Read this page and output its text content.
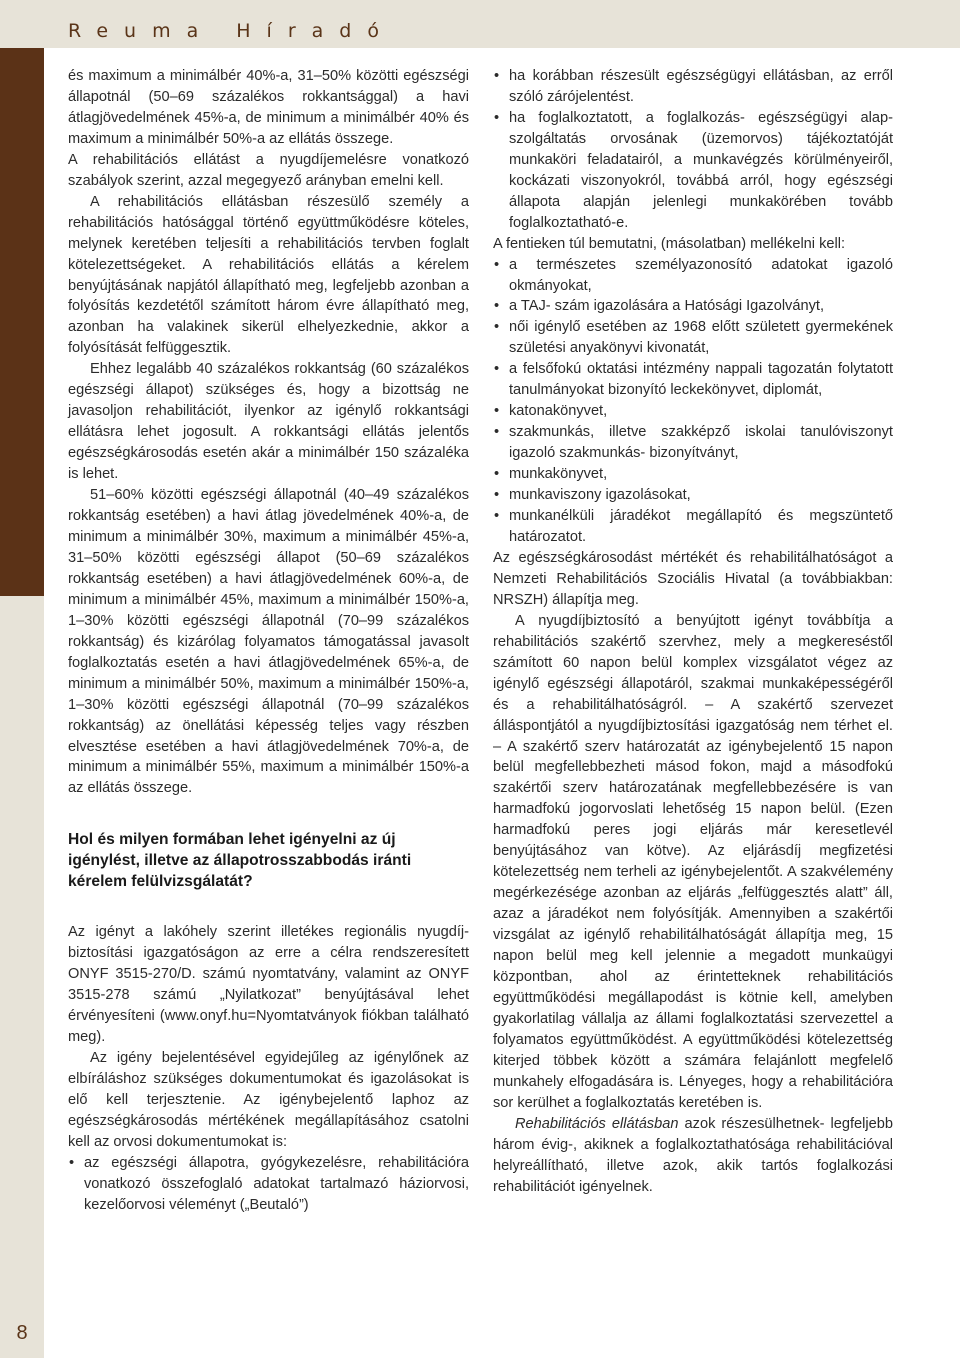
Reuma Híradó
8

és maximum a minimálbér 40%-a, 31–50% közötti egészségi állapotnál (50–69 százalékos rokkantsággal) a havi átlagjövedelmének 45%-a, de minimum a minimálbér 40% és maximum a minimálbér 50%-a az ellátás összege.

A rehabilitációs ellátást a nyugdíjemelésre vonatkozó szabályok szerint, azzal megegyező arányban emelni kell.

A rehabilitációs ellátásban részesülő személy a rehabilitációs hatósággal történő együttműködésre köteles, melynek keretében teljesíti a rehabilitációs tervben foglalt kötelezettségeket. A rehabilitációs ellátás a kérelem benyújtásának napjától állapítható meg, legfeljebb azonban a folyósítás kezdetétől számított három évre állapítható meg, azonban ha valakinek sikerül elhelyezkednie, akkor a folyósítását felfüggesztik.

Ehhez legalább 40 százalékos rokkantság (60 százalékos egészségi állapot) szükséges és, hogy a bizottság ne javasoljon rehabilitációt, ilyenkor az igénylő rokkantsági ellátásra lehet jogosult. A rokkantsági ellátás jelentős egészségkárosodás esetén akár a minimálbér 150 százaléka is lehet.

51–60% közötti egészségi állapotnál (40–49 százalékos rokkantság esetében) a havi átlag jövedelmének 40%-a, de minimum a minimálbér 30%, maximum a minimálbér 45%-a, 31–50% közötti egészségi állapot (50–69 százalékos rokkantság esetében) a havi átlagjövedelmének 60%-a, de minimum a minimálbér 45%, maximum a minimálbér 150%-a, 1–30% közötti egészségi állapotnál (70–99 százalékos rokkantság) és kizárólag folyamatos támogatással javasolt foglalkoztatás esetén a havi átlagjövedelmének 65%-a, de minimum a minimálbér 50%, maximum a minimálbér 150%-a, 1–30% közötti egészségi állapotnál (70–99 százalékos rokkantság) az önellátási képesség teljes vagy részben elvesztése esetében a havi átlagjövedelmének 70%-a, de minimum a minimálbér 55%, maximum a minimálbér 150%-a az ellátás összege.

Hol és milyen formában lehet igényelni az új igénylést, illetve az állapotrosszabbodás iránti kérelem felülvizsgálatát?

Az igényt a lakóhely szerint illetékes regionális nyugdíjbiztosítási igazgatóságon az erre a célra rendszeresített ONYF 3515-270/D. számú nyomtatvány, valamint az ONYF 3515-278 számú „Nyilatkozat” benyújtásával lehet érvényesíteni (www.onyf.hu=Nyomtatványok fiókban található meg).

Az igény bejelentésével egyidejűleg az igénylőnek az elbíráláshoz szükséges dokumentumokat és igazolásokat is elő kell terjesztenie. Az igénybejelentő laphoz az egészségkárosodás mértékének megállapításához csatolni kell az orvosi dokumentumokat is:

• az egészségi állapotra, gyógykezelésre, rehabilitációra vonatkozó összefoglaló adatokat tartalmazó háziorvosi, kezelőorvosi véleményt („Beutaló”)
• ha korábban részesült egészségügyi ellátásban, az erről szóló zárójelentést.
• ha foglalkoztatott, a foglalkozás- egészségügyi alapszolgáltatás orvosának (üzemorvos) tájékoztatóját munkaköri feladatairól, a munkavégzés körülményeiről, kockázati viszonyokról, továbbá arról, hogy egészségi állapota alapján jelenlegi munkakörében tovább foglalkoztatható-e.

A fentieken túl bemutatni, (másolatban) mellékelni kell:

• a természetes személyazonosító adatokat igazoló okmányokat,
• a TAJ- szám igazolására a Hatósági Igazolványt,
• női igénylő esetében az 1968 előtt született gyermekének születési anyakönyvi kivonatát,
• a felsőfokú oktatási intézmény nappali tagozatán folytatott tanulmányokat bizonyító leckekönyvet, diplomát,
• katonakönyvet,
• szakmunkás, illetve szakképző iskolai tanulóviszonyt igazoló szakmunkás- bizonyítványt,
• munkakönyvet,
• munkaviszony igazolásokat,
• munkanélküli járadékot megállapító és megszüntető határozatot.

Az egészségkárosodást mértékét és rehabilitálhatóságot a Nemzeti Rehabilitációs Szociális Hivatal (a továbbiakban: NRSZH) állapítja meg.

A nyugdíjbiztosító a benyújtott igényt továbbítja a rehabilitációs szakértő szervhez, mely a megkereséstől számított 60 napon belül komplex vizsgálatot végez az igénylő egészségi állapotáról, szakmai munkaképességéről és a rehabilitálhatóságról. – A szakértő szervezet álláspontjától a nyugdíjbiztosítási igazgatóság nem térhet el. – A szakértő szerv határozatát az igénybejelentő 15 napon belül megfellebbezheti másod fokon, majd a másodfokú szakértői szerv határozatának megfellebbezésére is van harmadfokú jogorvoslati lehetőség 15 napon belül. (Ezen harmadfokú peres jogi eljárás már keresetlevél benyújtásához van kötve). Az eljárásdíj megfizetési kötelezettség nem terheli az igénybejelentőt. A szakvélemény megérkezésége azonban az eljárás „felfüggesztés alatt” áll, azaz a járadékot nem folyósítják. Amennyiben a szakértői vizsgálat az igénylő rehabilitálhatóságát állapítja meg, 15 napon belül meg kell jelennie a megadott munkaügyi központban, ahol az érintetteknek rehabilitációs együttműködési megállapodást is kötnie kell, amelyben gyakorlatilag vállalja az állami foglalkoztatási szervezettel a folyamatos együttműködést. A együttműködési kötelezettség kiterjed többek között a számára felajánlott megfelelő munkahely elfogadására is. Lényeges, hogy a rehabilitációra sor kerülhet a foglalkoztatás keretében is.

Rehabilitációs ellátásban azok részesülhetnek- legfeljebb három évig-, akiknek a foglalkoztathatósága rehabilitációval helyreállítható, illetve azok, akik tartós foglalkozási rehabilitációt igényelnek.
